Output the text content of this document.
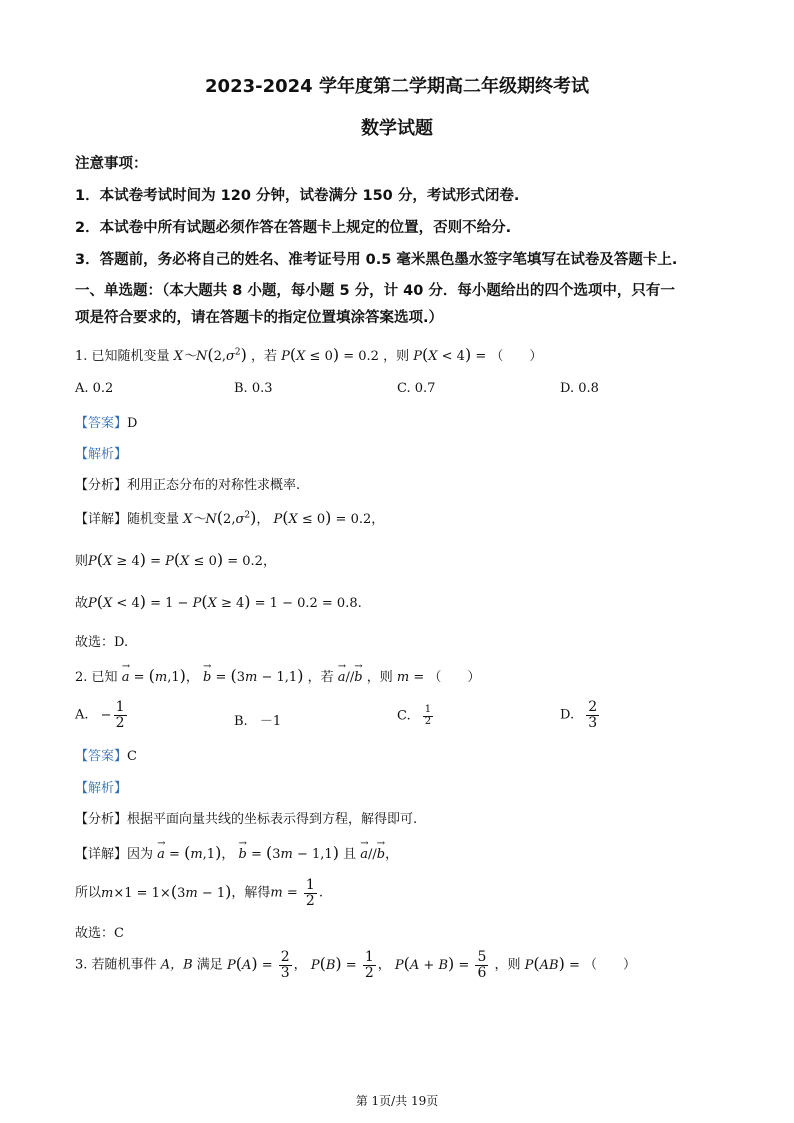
2023-2024 学年度第二学期高二年级期终考试
数学试题
注意事项：
1．本试卷考试时间为 120 分钟，试卷满分 150 分，考试形式闭卷.
2．本试卷中所有试题必须作答在答题卡上规定的位置，否则不给分.
3．答题前，务必将自己的姓名、准考证号用 0.5 毫米黑色墨水签字笔填写在试卷及答题卡上.
一、单选题：（本大题共 8 小题，每小题 5 分，计 40 分．每小题给出的四个选项中，只有一
项是符合要求的，请在答题卡的指定位置填涂答案选项.）
1. 已知随机变量 $X\sim N(2,\sigma^2)$ ，若 P(X ≤ 0) = 0.2 ，则 P(X < 4) = （　　）
A. 0.2	B. 0.3	C. 0.7	D. 0.8
【答案】D
【解析】
【分析】利用正态分布的对称性求概率.
【详解】随机变量 $X\sim N(2,\sigma^2)$， P(X ≤ 0) = 0.2，
则P(X ≥ 4) = P(X ≤ 0) = 0.2，
故P(X < 4) = 1 − P(X ≥ 4) = 1 − 0.2 = 0.8.
故选：D.
2. 已知 → a = (m,1)， → b = (3m − 1,1) ，若 → a//→ b ，则 m = （　　）
A. − $\frac{1}{2}$	B. －1	C. $\frac{1}{2}$	D. $\frac{2}{3}$
【答案】C
【解析】
【分析】根据平面向量共线的坐标表示得到方程，解得即可.
【详解】因为 → a = (m,1)， → b = (3m − 1,1) 且 → a//→ b，
所以m×1 = 1×(3m − 1)，解得$m = \frac{1}{2}$ .
故选：C
3. 若随机事件 A，B 满足 $P(A) = \frac{2}{3}$ ， $P(B) = \frac{1}{2}$ ， $P(A + B) = \frac{5}{6}$ ，则 P(AB) = （　　）
第 1页/共 19页
